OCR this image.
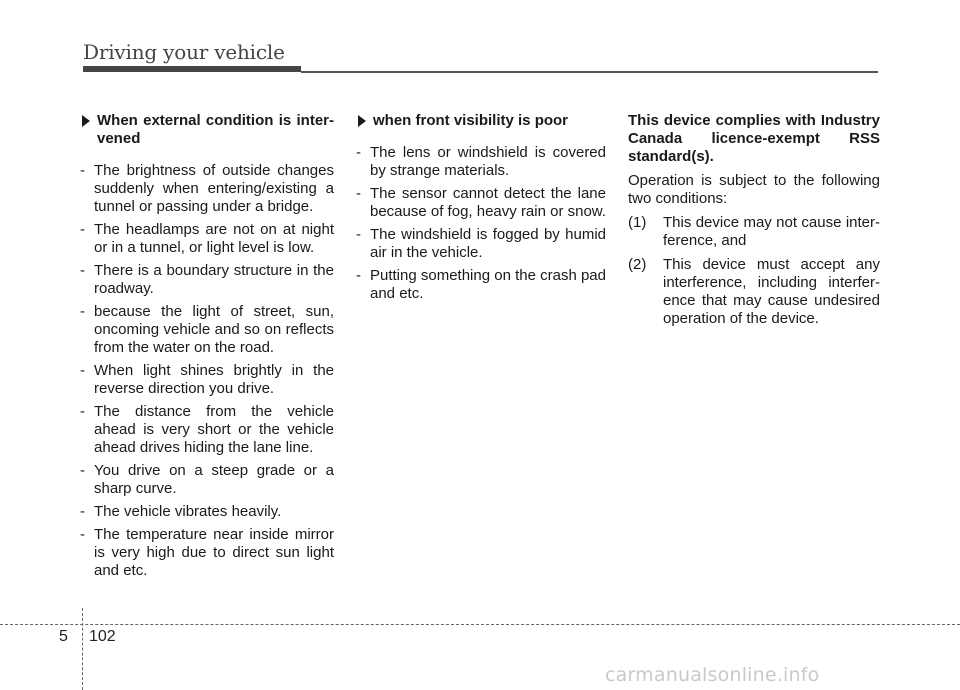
Driving your vehicle
When external condition is inter-vened
- The brightness of outside changes suddenly when entering/existing a tunnel or passing under a bridge.
- The headlamps are not on at night or in a tunnel, or light level is low.
- There is a boundary structure in the roadway.
- because the light of street, sun, oncoming vehicle and so on reflects from the water on the road.
- When light shines brightly in the reverse direction you drive.
- The distance from the vehicle ahead is very short or the vehicle ahead drives hiding the lane line.
- You drive on a steep grade or a sharp curve.
- The vehicle vibrates heavily.
- The temperature near inside mirror is very high due to direct sun light and etc.
when front visibility is poor
- The lens or windshield is covered by strange materials.
- The sensor cannot detect the lane because of fog, heavy rain or snow.
- The windshield is fogged by humid air in the vehicle.
- Putting something on the crash pad and etc.
This device complies with Industry Canada licence-exempt RSS standard(s).
Operation is subject to the following two conditions:
(1) This device may not cause inter-ference, and
(2) This device must accept any interference, including interfer-ence that may cause undesired operation of the device.
5 102
carmanualsonline.info
